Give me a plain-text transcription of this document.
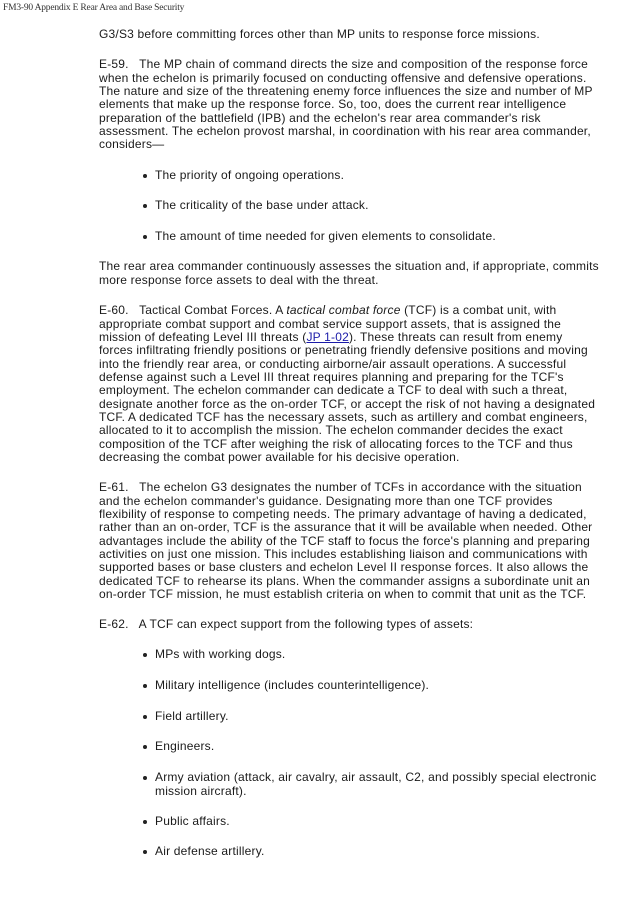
FM3-90 Appendix E Rear Area and Base Security
G3/S3 before committing forces other than MP units to response force missions.
E-59.   The MP chain of command directs the size and composition of the response force
when the echelon is primarily focused on conducting offensive and defensive operations.
The nature and size of the threatening enemy force influences the size and number of MP
elements that make up the response force. So, too, does the current rear intelligence
preparation of the battlefield (IPB) and the echelon's rear area commander's risk
assessment. The echelon provost marshal, in coordination with his rear area commander,
considers—
The priority of ongoing operations.
The criticality of the base under attack.
The amount of time needed for given elements to consolidate.
The rear area commander continuously assesses the situation and, if appropriate, commits
more response force assets to deal with the threat.
E-60.   Tactical Combat Forces. A tactical combat force (TCF) is a combat unit, with
appropriate combat support and combat service support assets, that is assigned the
mission of defeating Level III threats (JP 1-02). These threats can result from enemy
forces infiltrating friendly positions or penetrating friendly defensive positions and moving
into the friendly rear area, or conducting airborne/air assault operations. A successful
defense against such a Level III threat requires planning and preparing for the TCF's
employment. The echelon commander can dedicate a TCF to deal with such a threat,
designate another force as the on-order TCF, or accept the risk of not having a designated
TCF. A dedicated TCF has the necessary assets, such as artillery and combat engineers,
allocated to it to accomplish the mission. The echelon commander decides the exact
composition of the TCF after weighing the risk of allocating forces to the TCF and thus
decreasing the combat power available for his decisive operation.
E-61.   The echelon G3 designates the number of TCFs in accordance with the situation
and the echelon commander's guidance. Designating more than one TCF provides
flexibility of response to competing needs. The primary advantage of having a dedicated,
rather than an on-order, TCF is the assurance that it will be available when needed. Other
advantages include the ability of the TCF staff to focus the force's planning and preparing
activities on just one mission. This includes establishing liaison and communications with
supported bases or base clusters and echelon Level II response forces. It also allows the
dedicated TCF to rehearse its plans. When the commander assigns a subordinate unit an
on-order TCF mission, he must establish criteria on when to commit that unit as the TCF.
E-62.   A TCF can expect support from the following types of assets:
MPs with working dogs.
Military intelligence (includes counterintelligence).
Field artillery.
Engineers.
Army aviation (attack, air cavalry, air assault, C2, and possibly special electronic
mission aircraft).
Public affairs.
Air defense artillery.
